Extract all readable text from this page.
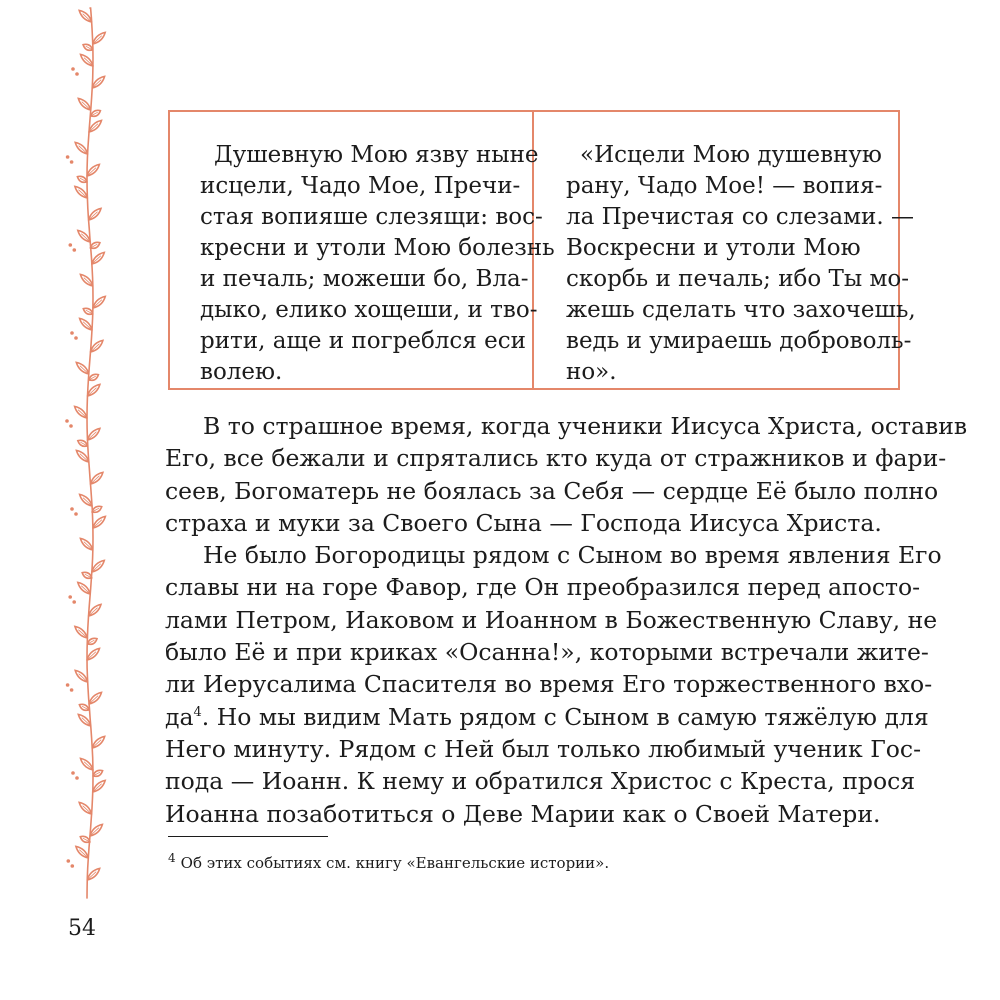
Душевную Мою язву ныне
исцели, Чадо Мое, Пречи-
стая вопияше слезящи: вос-
кресни и утоли Мою болезнь
и печаль; можеши бо, Вла-
дыко, елико хощеши, и тво-
рити, аще и погреблся еси
волею.
«Исцели Мою душевную
рану, Чадо Мое! — вопия-
ла Пречистая со слезами. —
Воскресни и утоли Мою
скорбь и печаль; ибо Ты мо-
жешь сделать что захочешь,
ведь и умираешь доброволь-
но».
В то страшное время, когда ученики Иисуса Христа, оставив
Его, все бежали и спрятались кто куда от стражников и фари-
сеев, Богоматерь не боялась за Себя — сердце Её было полно
страха и муки за Своего Сына — Господа Иисуса Христа.
Не было Богородицы рядом с Сыном во время явления Его
славы ни на горе Фавор, где Он преобразился перед апосто-
лами Петром, Иаковом и Иоанном в Божественную Славу, не
было Её и при криках «Осанна!», которыми встречали жите-
ли Иерусалима Спасителя во время Его торжественного вхо-
$да^4$. Но мы видим Мать рядом с Сыном в самую тяжёлую для
Него минуту. Рядом с Ней был только любимый ученик Гос-
пода — Иоанн. К нему и обратился Христос с Креста, прося
Иоанна позаботиться о Деве Марии как о Своей Матери.
$^4$ Об этих событиях см. книгу «Евангельские истории».
54
